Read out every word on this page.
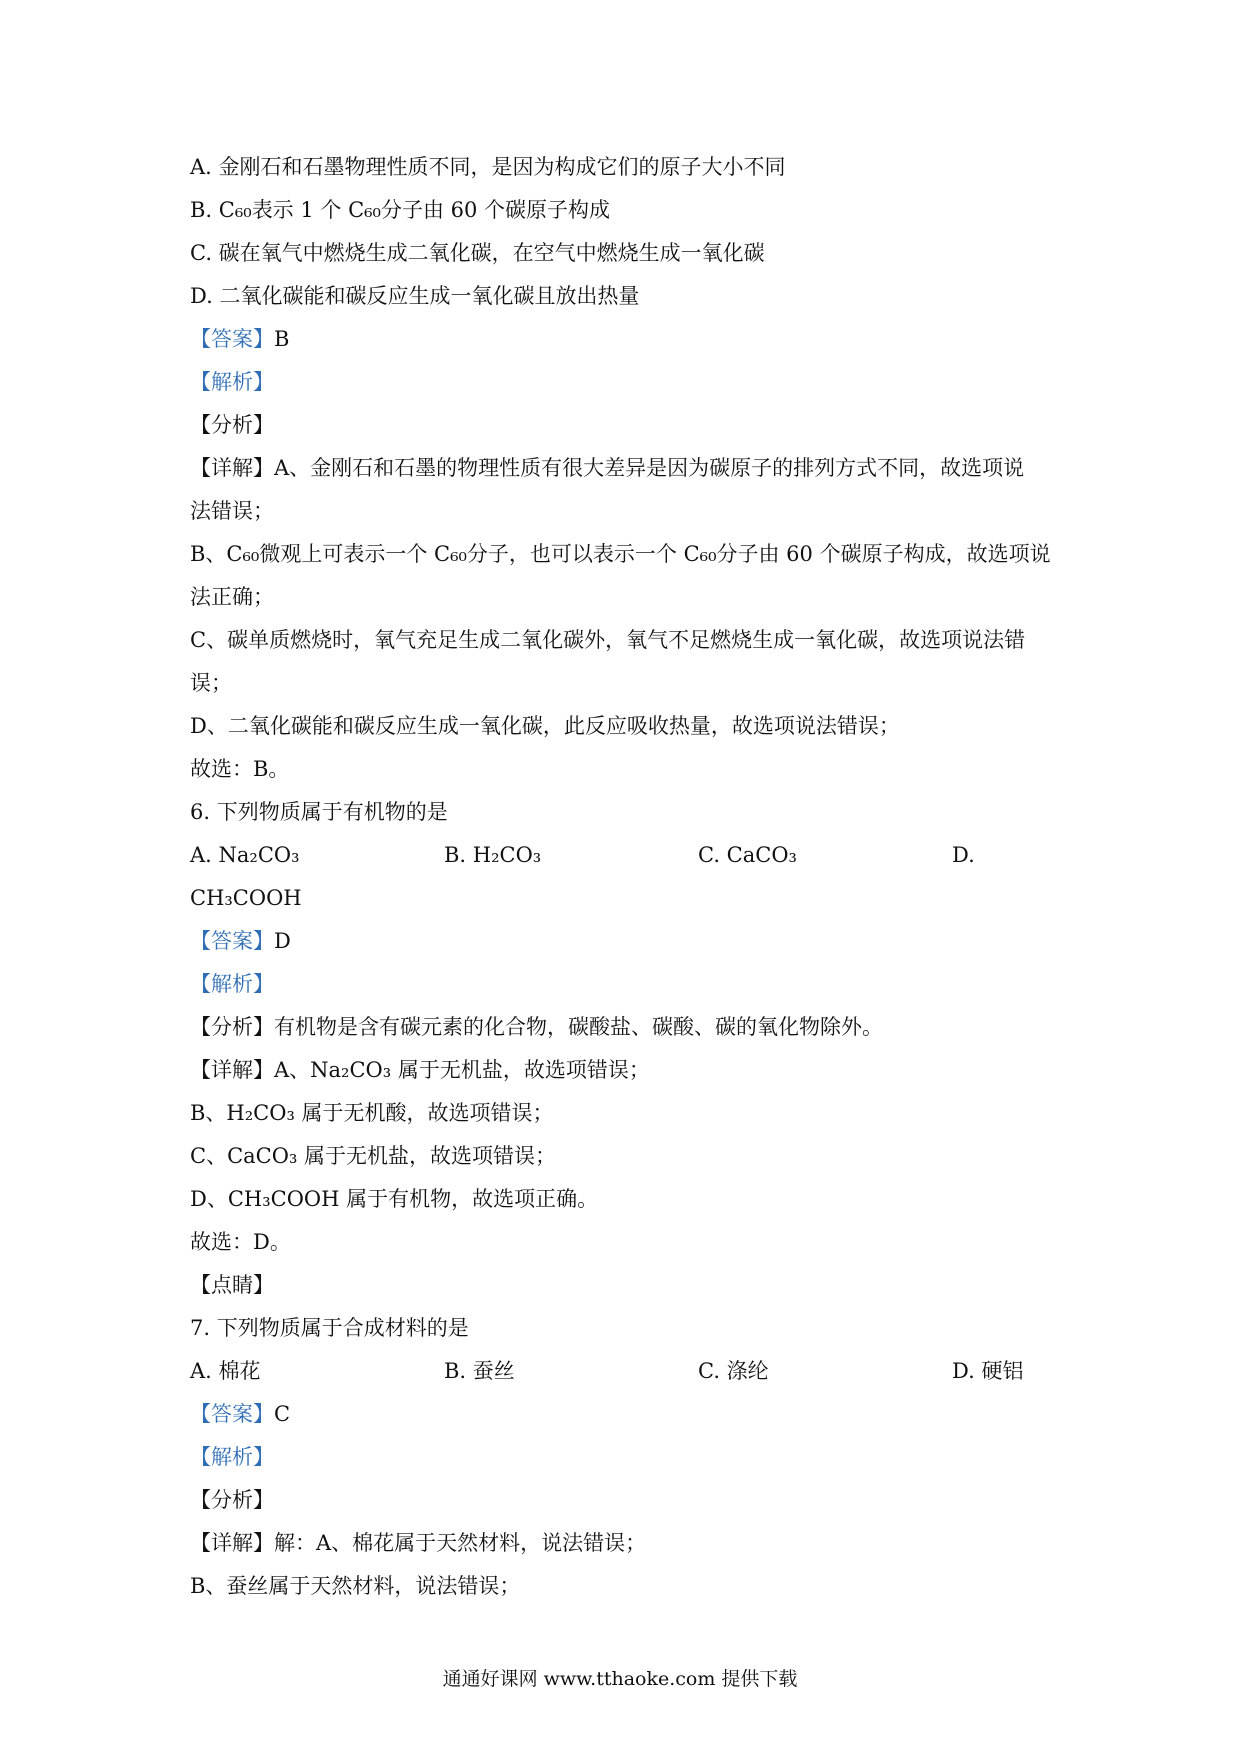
A. 金刚石和石墨物理性质不同，是因为构成它们的原子大小不同
B. C₆₀表示 1 个 C₆₀分子由 60 个碳原子构成
C. 碳在氧气中燃烧生成二氧化碳，在空气中燃烧生成一氧化碳
D. 二氧化碳能和碳反应生成一氧化碳且放出热量
【答案】B
【解析】
【分析】
【详解】A、金刚石和石墨的物理性质有很大差异是因为碳原子的排列方式不同，故选项说
法错误；
B、C₆₀微观上可表示一个 C₆₀分子，也可以表示一个 C₆₀分子由 60 个碳原子构成，故选项说
法正确；
C、碳单质燃烧时，氧气充足生成二氧化碳外，氧气不足燃烧生成一氧化碳，故选项说法错
误；
D、二氧化碳能和碳反应生成一氧化碳，此反应吸收热量，故选项说法错误；
故选：B。
6. 下列物质属于有机物的是
A. Na₂CO₃	B. H₂CO₃	C. CaCO₃	D.
CH₃COOH
【答案】D
【解析】
【分析】有机物是含有碳元素的化合物，碳酸盐、碳酸、碳的氧化物除外。
【详解】A、Na₂CO₃ 属于无机盐，故选项错误；
B、H₂CO₃ 属于无机酸，故选项错误；
C、CaCO₃ 属于无机盐，故选项错误；
D、CH₃COOH 属于有机物，故选项正确。
故选：D。
【点睛】
7. 下列物质属于合成材料的是
A. 棉花	B. 蚕丝	C. 涤纶	D. 硬铝
【答案】C
【解析】
【分析】
【详解】解：A、棉花属于天然材料，说法错误；
B、蚕丝属于天然材料，说法错误；
通通好课网 www.tthaoke.com 提供下载
